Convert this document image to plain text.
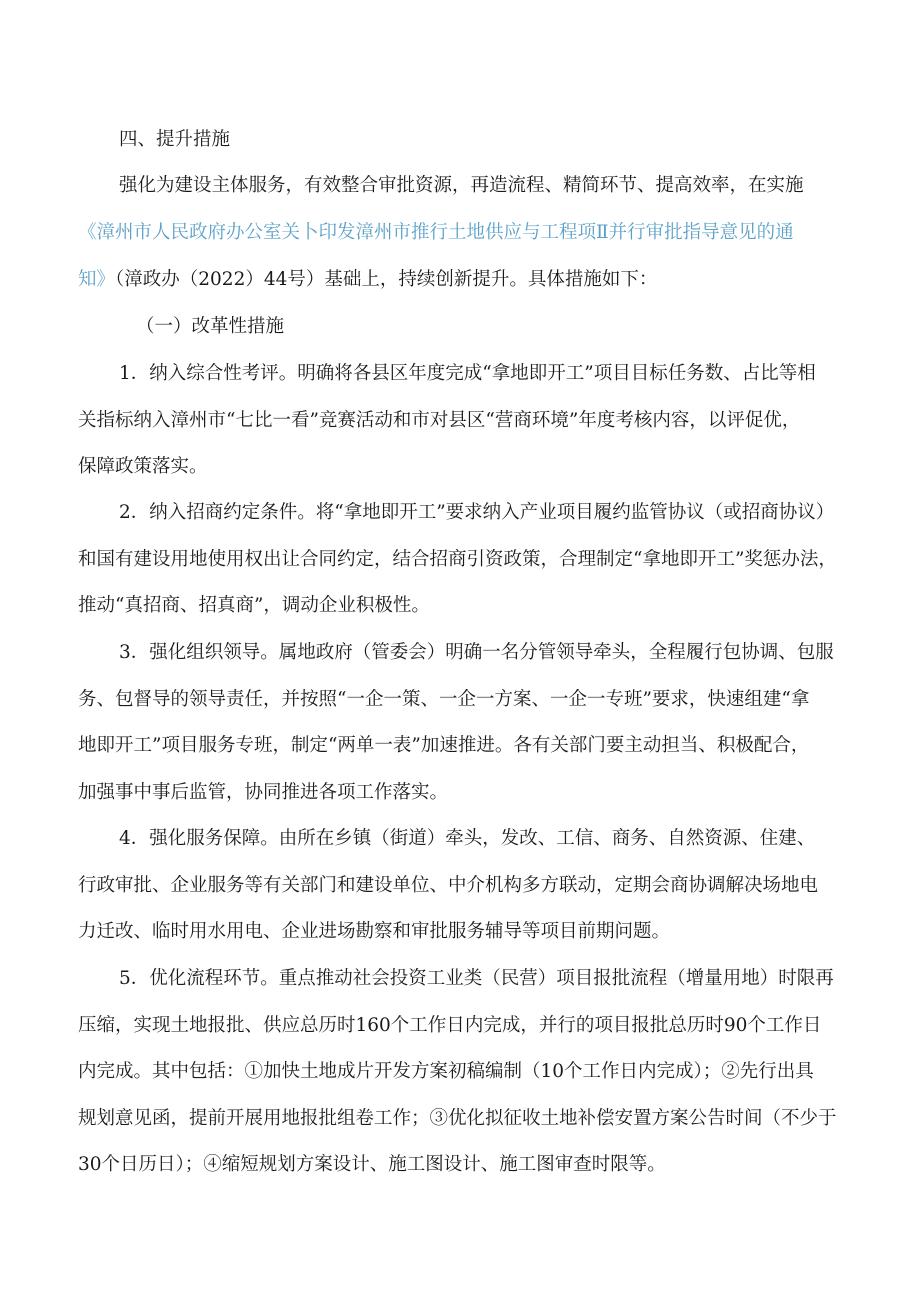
四、提升措施
强化为建设主体服务，有效整合审批资源，再造流程、精简环节、提高效率，在实施
《漳州市人民政府办公室关卜印发漳州市推行土地供应与工程项Ⅱ并行审批指导意见的通
知》（漳政办（2022）44号）基础上，持续创新提升。具体措施如下：
（一）改革性措施
1．纳入综合性考评。明确将各县区年度完成“拿地即开工”项目目标任务数、占比等相
关指标纳入漳州市“七比一看”竞赛活动和市对县区“营商环境”年度考核内容，以评促优，
保障政策落实。
2．纳入招商约定条件。将“拿地即开工”要求纳入产业项目履约监管协议（或招商协议）
和国有建设用地使用权出让合同约定，结合招商引资政策，合理制定“拿地即开工”奖惩办法，
推动“真招商、招真商”，调动企业积极性。
3．强化组织领导。属地政府（管委会）明确一名分管领导牵头，全程履行包协调、包服
务、包督导的领导责任，并按照“一企一策、一企一方案、一企一专班”要求，快速组建“拿
地即开工”项目服务专班，制定“两单一表”加速推进。各有关部门要主动担当、积极配合，
加强事中事后监管，协同推进各项工作落实。
4．强化服务保障。由所在乡镇（街道）牵头，发改、工信、商务、自然资源、住建、
行政审批、企业服务等有关部门和建设单位、中介机构多方联动，定期会商协调解决场地电
力迁改、临时用水用电、企业进场勘察和审批服务辅导等项目前期问题。
5．优化流程环节。重点推动社会投资工业类（民营）项目报批流程（增量用地）时限再
压缩，实现土地报批、供应总历时160个工作日内完成，并行的项目报批总历时90个工作日
内完成。其中包括：①加快土地成片开发方案初稿编制（10个工作日内完成）；②先行出具
规划意见函，提前开展用地报批组卷工作；③优化拟征收土地补偿安置方案公告时间（不少于
30个日历日）；④缩短规划方案设计、施工图设计、施工图审查时限等。
